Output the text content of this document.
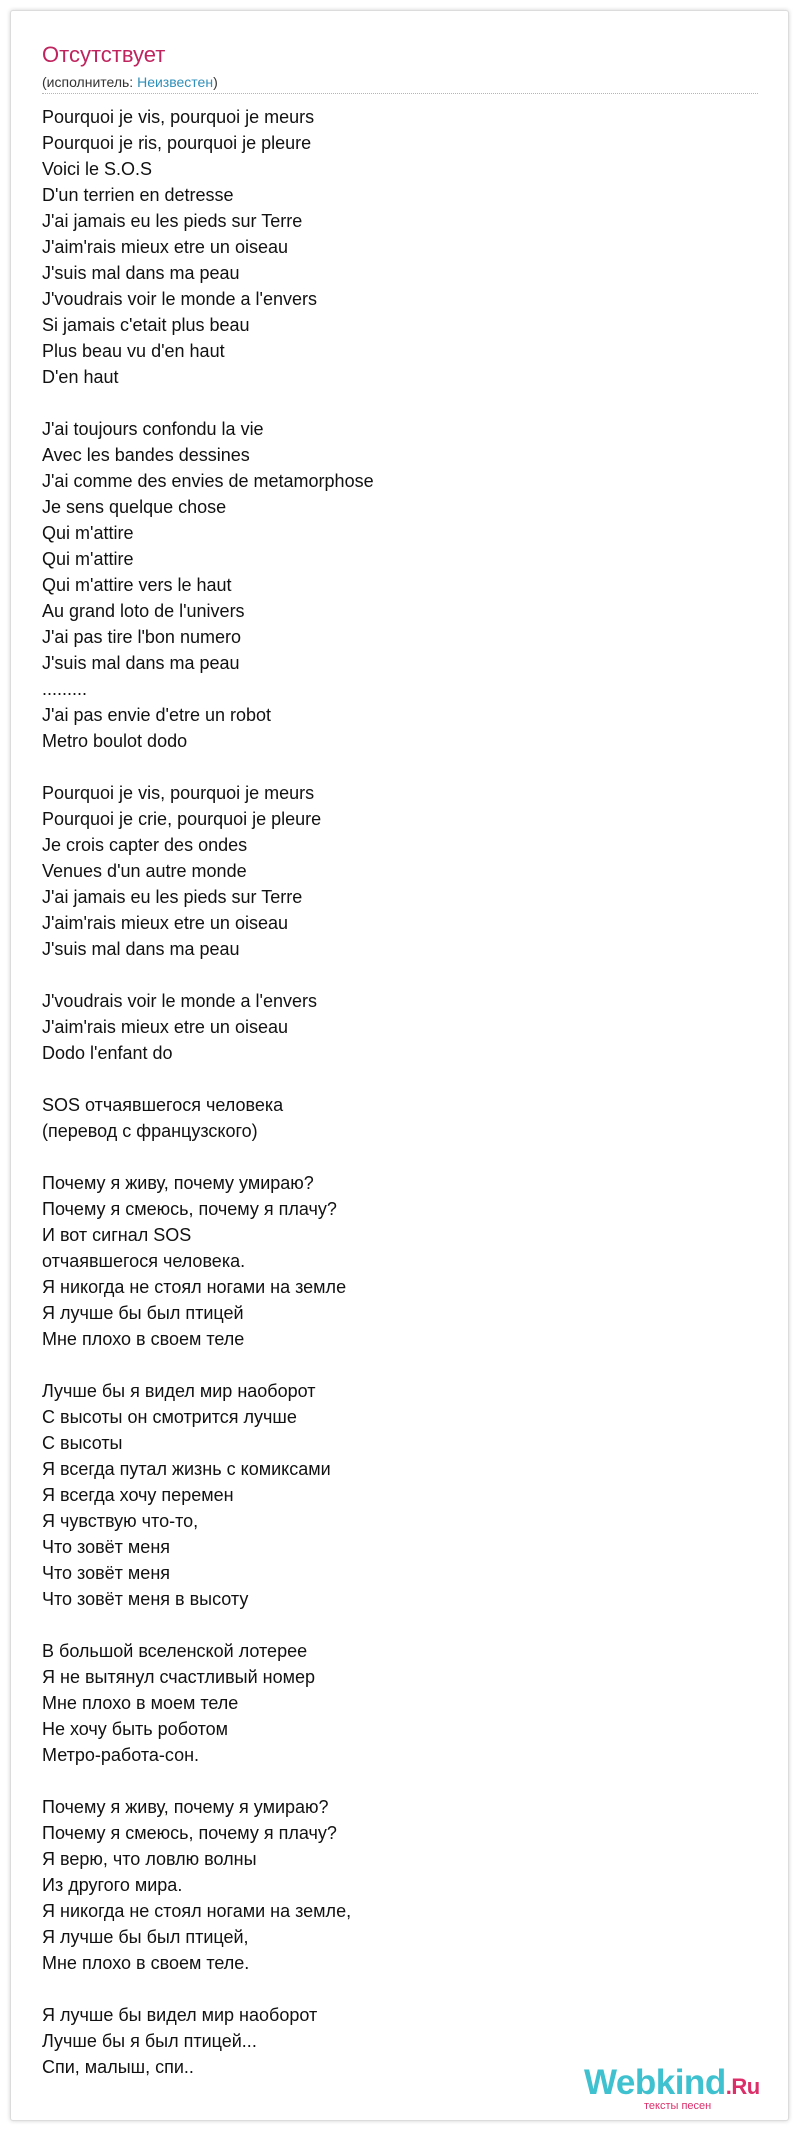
Отсутствует
(исполнитель: Неизвестен)
Pourquoi je vis, pourquoi je meurs
Pourquoi je ris, pourquoi je pleure
Voici le S.O.S
D'un terrien en detresse
J'ai jamais eu les pieds sur Terre
J'aim'rais mieux etre un oiseau
J'suis mal dans ma peau
J'voudrais voir le monde a l'envers
Si jamais c'etait plus beau
Plus beau vu d'en haut
D'en haut
J'ai toujours confondu la vie
Avec les bandes dessines
J'ai comme des envies de metamorphose
Je sens quelque chose
Qui m'attire
Qui m'attire
Qui m'attire vers le haut
Au grand loto de l'univers
J'ai pas tire l'bon numero
J'suis mal dans ma peau
.........
J'ai pas envie d'etre un robot
Metro boulot dodo
Pourquoi je vis, pourquoi je meurs
Pourquoi je crie, pourquoi je pleure
Je crois capter des ondes
Venues d'un autre monde
J'ai jamais eu les pieds sur Terre
J'aim'rais mieux etre un oiseau
J'suis mal dans ma peau
J'voudrais voir le monde a l'envers
J'aim'rais mieux etre un oiseau
Dodo l'enfant do
SOS отчаявшегося человека
(перевод с французского)
Почему я живу, почему умираю?
Почему я смеюсь, почему я плачу?
И вот сигнал SOS
отчаявшегося человека.
Я никогда не стоял ногами на земле
Я лучше бы был птицей
Мне плохо в своем теле
Лучше бы я видел мир наоборот
С высоты он смотрится лучше
С высоты
Я всегда путал жизнь с комиксами
Я всегда хочу перемен
Я чувствую что-то,
Что зовёт меня
Что зовёт меня
Что зовёт меня в высоту
В большой вселенской лотерее
Я не вытянул счастливый номер
Мне плохо в моем теле
Не хочу быть роботом
Метро-работа-сон.
Почему я живу, почему я умираю?
Почему я смеюсь, почему я плачу?
Я верю, что ловлю волны
Из другого мира.
Я никогда не стоял ногами на земле,
Я лучше бы был птицей,
Мне плохо в своем теле.
Я лучше бы видел мир наоборот
Лучше бы я был птицей...
Спи, малыш, спи..	Webkind.Ru
тексты песен
